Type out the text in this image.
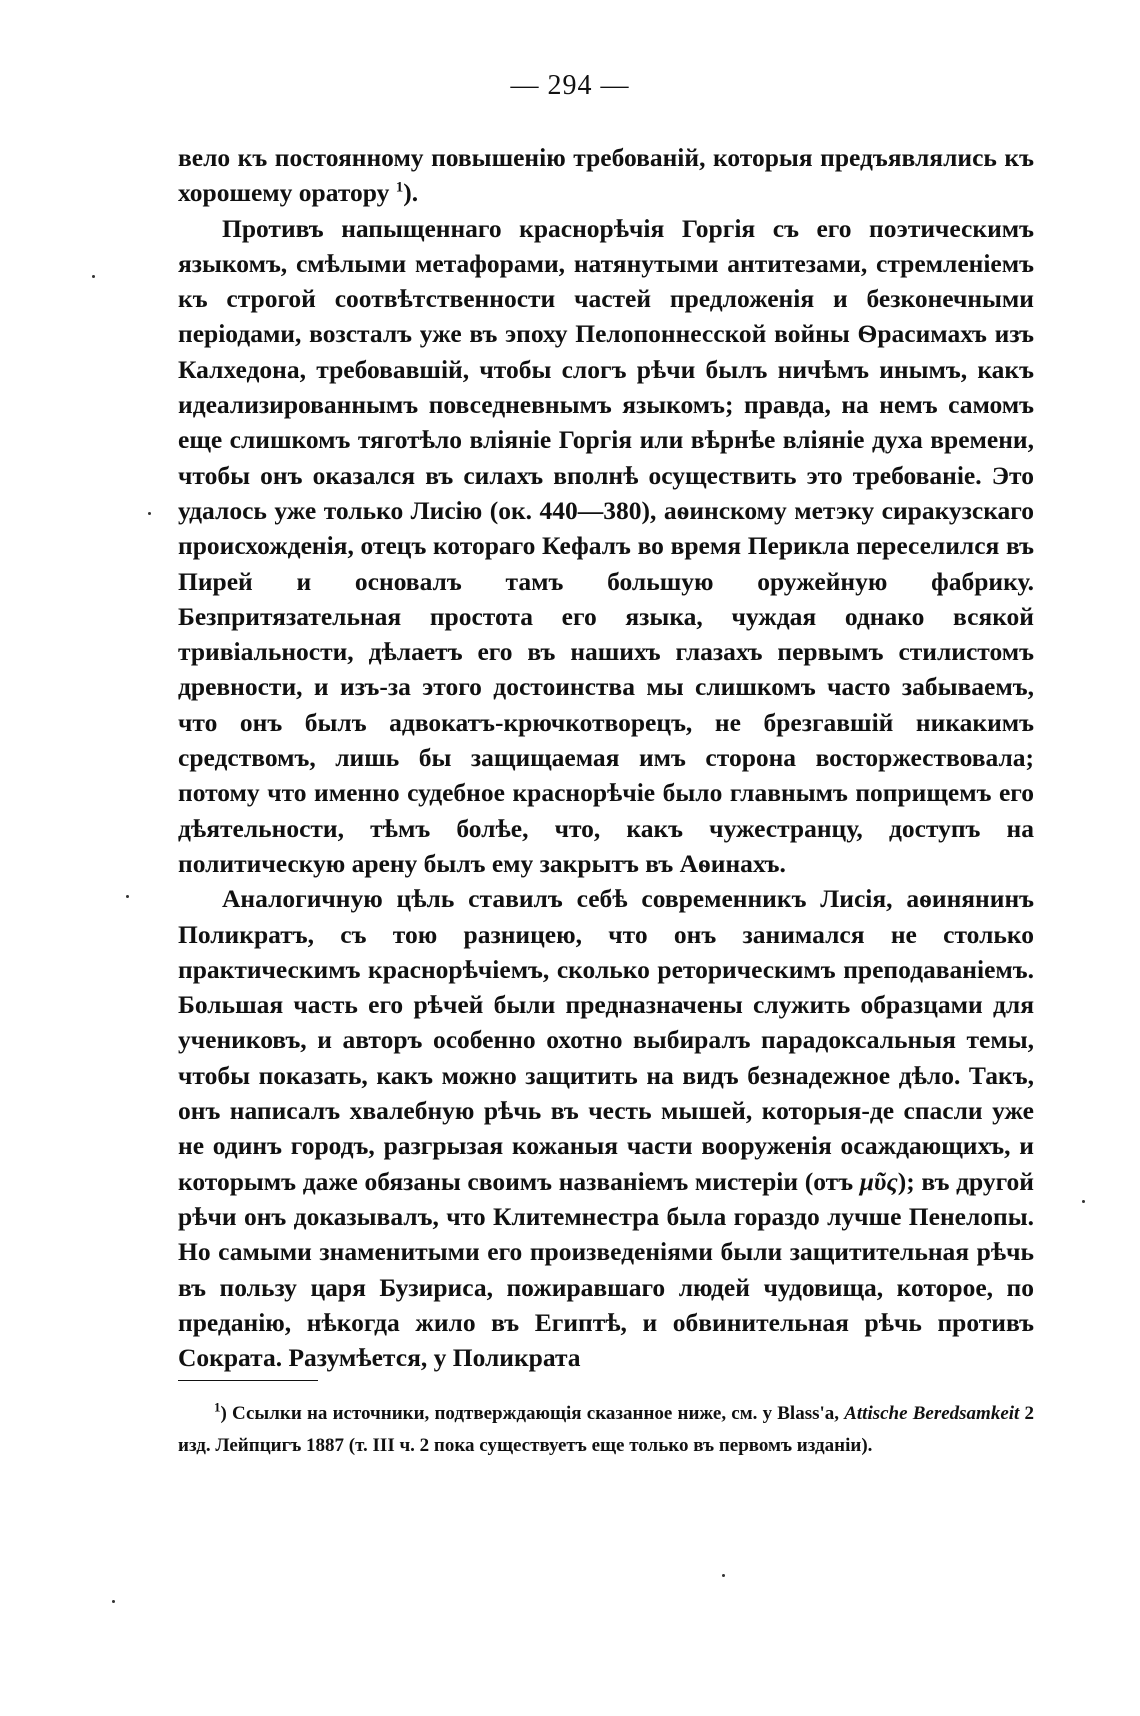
— 294 —

вело къ постоянному повышенію требованій, которыя предъявлялись къ хорошему оратору $^1$).

Противъ напыщеннаго краснорѣчія Горгія съ его поэтическимъ языкомъ, смѣлыми метафорами, натянутыми антитезами, стремленіемъ къ строгой соотвѣтственности частей предложенія и безконечными періодами, возсталъ уже въ эпоху Пелопоннесской войны Ѳрасимахъ изъ Калхедона, требовавшій, чтобы слогъ рѣчи былъ ничѣмъ инымъ, какъ идеализированнымъ повседневнымъ языкомъ; правда, на немъ самомъ еще слишкомъ тяготѣло вліяніе Горгія или вѣрнѣе вліяніе духа времени, чтобы онъ оказался въ силахъ вполнѣ осуществить это требованіе. Это удалось уже только Лисію (ок. 440—380), аѳинскому метэку сиракузскаго происхожденія, отецъ котораго Кефалъ во время Перикла переселился въ Пирей и основалъ тамъ большую оружейную фабрику. Безпритязательная простота его языка, чуждая однако всякой тривіальности, дѣлаетъ его въ нашихъ глазахъ первымъ стилистомъ древности, и изъ-за этого достоинства мы слишкомъ часто забываемъ, что онъ былъ адвокатъ-крючкотворецъ, не брезгавшій никакимъ средствомъ, лишь бы защищаемая имъ сторона восторжествовала; потому что именно судебное краснорѣчіе было главнымъ поприщемъ его дѣятельности, тѣмъ болѣе, что, какъ чужестранцу, доступъ на политическую арену былъ ему закрытъ въ Аѳинахъ.

Аналогичную цѣль ставилъ себѣ современникъ Лисія, аѳинянинъ Поликратъ, съ тою разницею, что онъ занимался не столько практическимъ краснорѣчіемъ, сколько реторическимъ преподаваніемъ. Большая часть его рѣчей были предназначены служить образцами для учениковъ, и авторъ особенно охотно выбиралъ парадоксальныя темы, чтобы показать, какъ можно защитить на видъ безнадежное дѣло. Такъ, онъ написалъ хвалебную рѣчь въ честь мышей, которыя-де спасли уже не одинъ городъ, разгрызая кожаныя части вооруженія осаждающихъ, и которымъ даже обязаны своимъ названіемъ мистеріи (отъ μῦς); въ другой рѣчи онъ доказывалъ, что Клитемнестра была гораздо лучше Пенелопы. Но самыми знаменитыми его произведеніями были защитительная рѣчь въ пользу царя Бузириса, пожиравшаго людей чудовища, которое, по преданію, нѣкогда жило въ Египтѣ, и обвинительная рѣчь противъ Сократа. Разумѣется, у Поликрата

$^1$) Ссылки на источники, подтверждающія сказанное ниже, см. у Blass'а, Attische Beredsamkeit 2 изд. Лейпцигъ 1887 (т. III ч. 2 пока существуетъ еще только въ первомъ изданіи).
